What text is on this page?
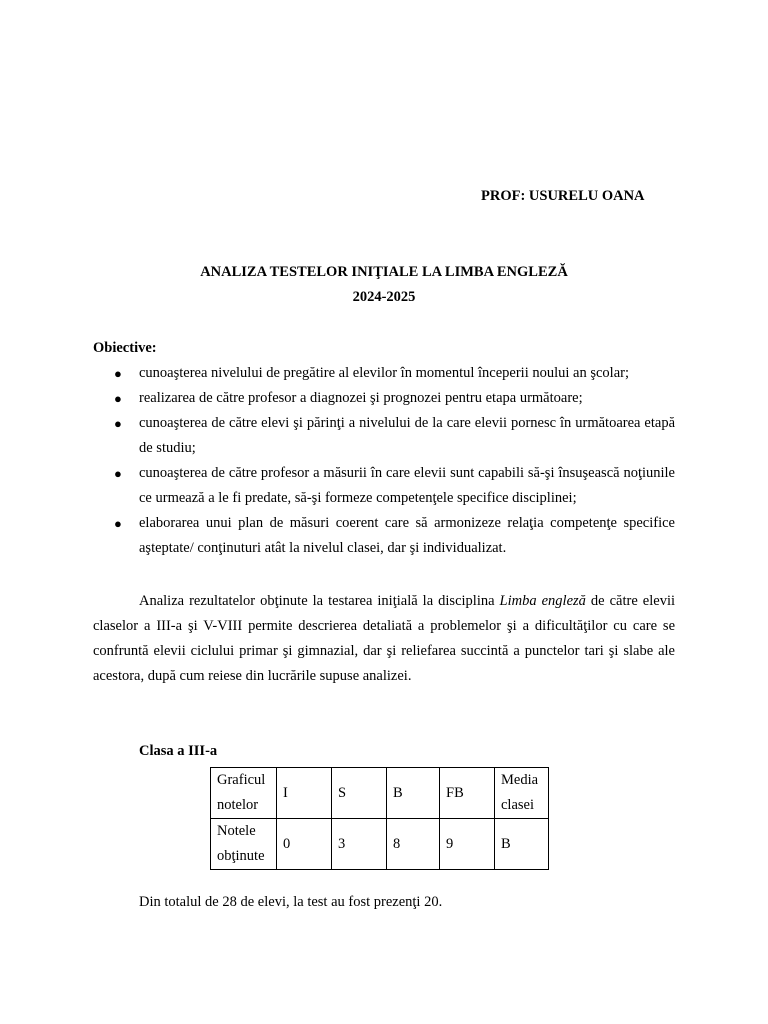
PROF: USURELU OANA
ANALIZA TESTELOR INIŢIALE LA LIMBA ENGLEZĂ
2024-2025
Obiective:
● cunoaşterea nivelului de pregătire al elevilor în momentul începerii noului an şcolar;
● realizarea de către profesor a diagnozei şi prognozei pentru etapa următoare;
● cunoaşterea de către elevi şi părinţi a nivelului de la care elevii pornesc în următoarea etapă de studiu;
● cunoaşterea de către profesor a măsurii în care elevii sunt capabili să-şi însuşească noţiunile ce urmează a le fi predate, să-şi formeze competenţele specifice disciplinei;
● elaborarea unui plan de măsuri coerent care să armonizeze relaţia competenţe specifice aşteptate/ conţinuturi atât la nivelul clasei, dar şi individualizat.

Analiza rezultatelor obţinute la testarea iniţială la disciplina Limba engleză de către elevii claselor a III-a şi V-VIII permite descrierea detaliată a problemelor şi a dificultăţilor cu care se confruntă elevii ciclului primar şi gimnazial, dar şi reliefarea succintă a punctelor tari şi slabe ale acestora, după cum reiese din lucrările supuse analizei.

Clasa a III-a
Graficul
notelor	I	S	B	FB	Media
clasei
Notele
obţinute	0	3	8	9	B
Din totalul de 28 de elevi, la test au fost prezenţi 20.
